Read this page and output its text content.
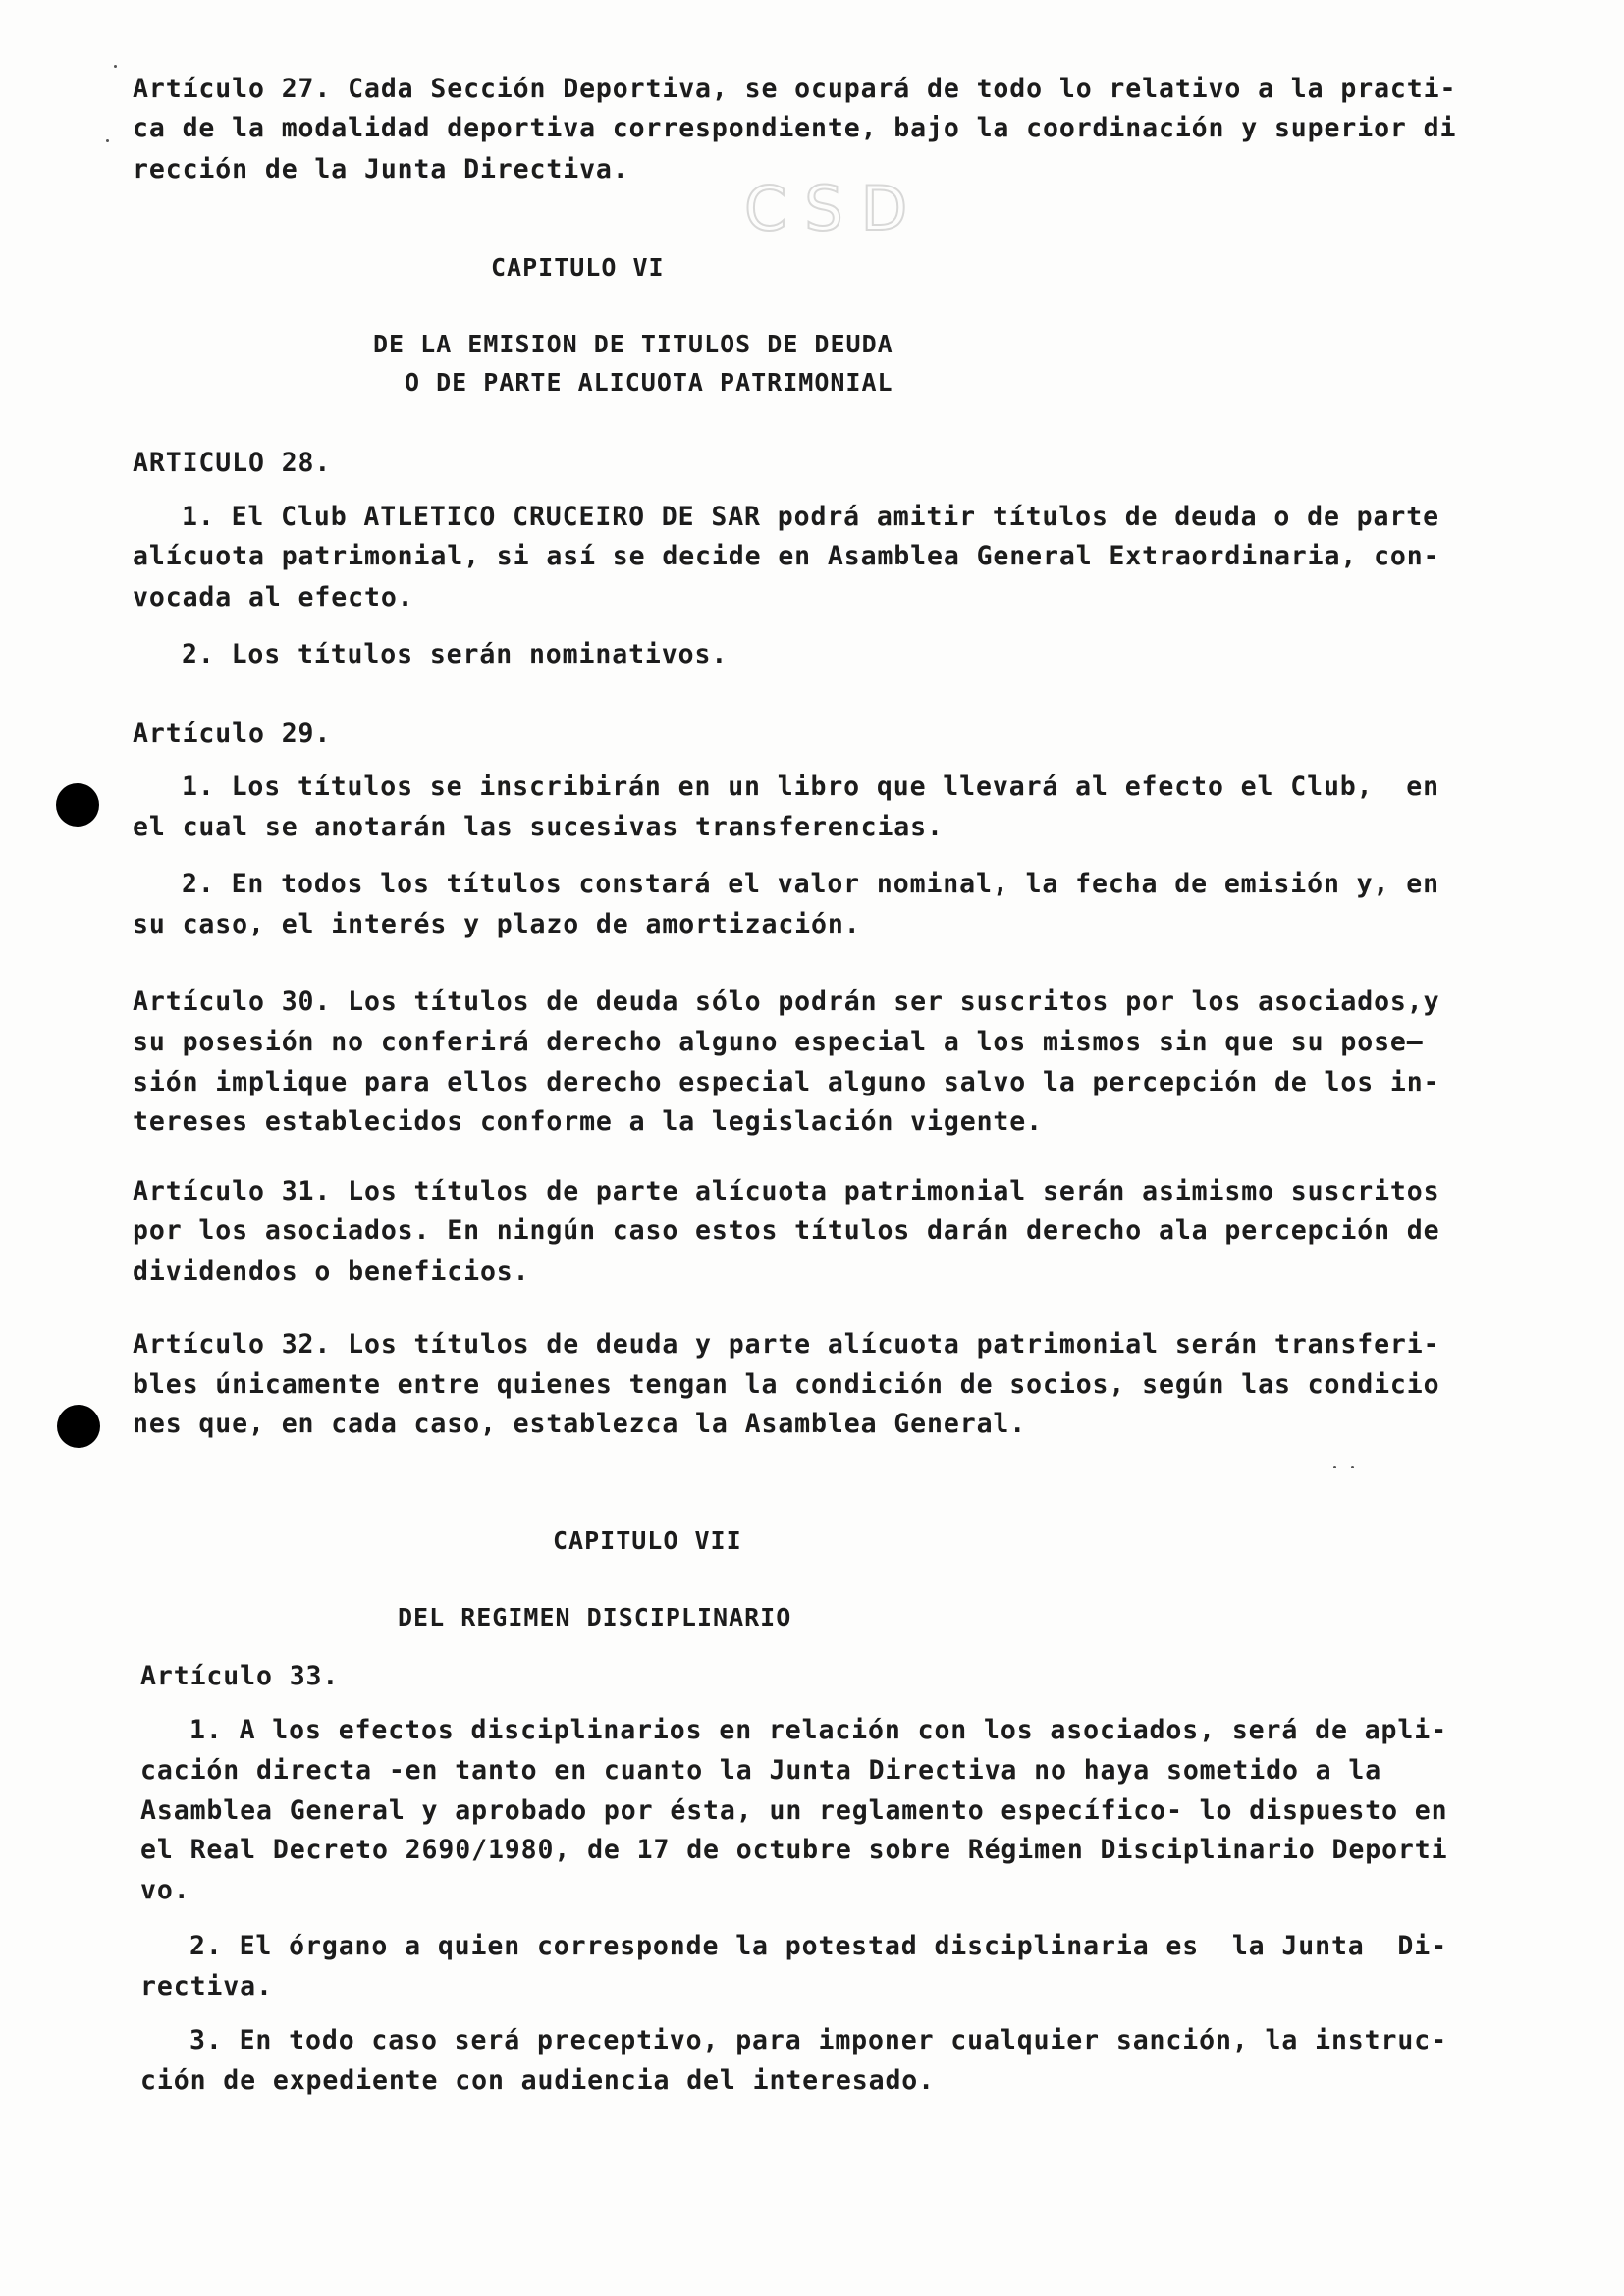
CSD
Artículo 27. Cada Sección Deportiva, se ocupará de todo lo relativo a la practi-
ca de la modalidad deportiva correspondiente, bajo la coordinación y superior di
rección de la Junta Directiva.
CAPITULO VI
DE LA EMISION DE TITULOS DE DEUDA
O DE PARTE ALICUOTA PATRIMONIAL
ARTICULO 28.
1. El Club ATLETICO CRUCEIRO DE SAR podrá amitir títulos de deuda o de parte
alícuota patrimonial, si así se decide en Asamblea General Extraordinaria, con-
vocada al efecto.
2. Los títulos serán nominativos.
Artículo 29.
1. Los títulos se inscribirán en un libro que llevará al efecto el Club,  en
el cual se anotarán las sucesivas transferencias.
2. En todos los títulos constará el valor nominal, la fecha de emisión y, en
su caso, el interés y plazo de amortización.
Artículo 30. Los títulos de deuda sólo podrán ser suscritos por los asociados,y
su posesión no conferirá derecho alguno especial a los mismos sin que su pose—
sión implique para ellos derecho especial alguno salvo la percepción de los in-
tereses establecidos conforme a la legislación vigente.
Artículo 31. Los títulos de parte alícuota patrimonial serán asimismo suscritos
por los asociados. En ningún caso estos títulos darán derecho ala percepción de
dividendos o beneficios.
Artículo 32. Los títulos de deuda y parte alícuota patrimonial serán transferi-
bles únicamente entre quienes tengan la condición de socios, según las condicio
nes que, en cada caso, establezca la Asamblea General.
CAPITULO VII
DEL REGIMEN DISCIPLINARIO
Artículo 33.
1. A los efectos disciplinarios en relación con los asociados, será de apli-
cación directa -en tanto en cuanto la Junta Directiva no haya sometido a la
Asamblea General y aprobado por ésta, un reglamento específico- lo dispuesto en
el Real Decreto 2690/1980, de 17 de octubre sobre Régimen Disciplinario Deporti
vo.
2. El órgano a quien corresponde la potestad disciplinaria es  la Junta  Di-
rectiva.
3. En todo caso será preceptivo, para imponer cualquier sanción, la instruc-
ción de expediente con audiencia del interesado.
